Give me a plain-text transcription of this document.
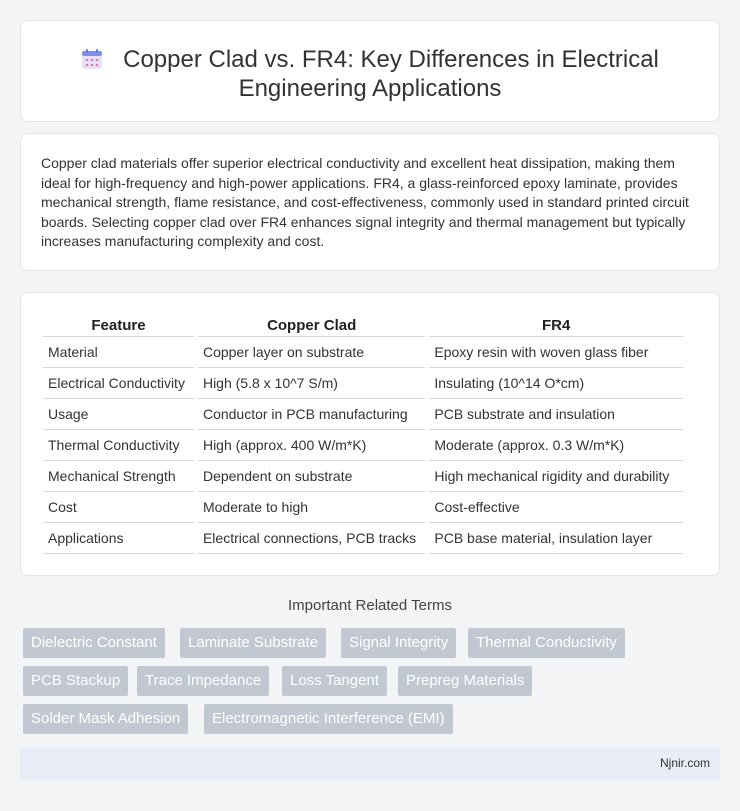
Copper Clad vs. FR4: Key Differences in Electrical
Engineering Applications

Copper clad materials offer superior electrical conductivity and excellent heat dissipation, making them ideal for high-frequency and high-power applications. FR4, a glass-reinforced epoxy laminate, provides mechanical strength, flame resistance, and cost-effectiveness, commonly used in standard printed circuit boards. Selecting copper clad over FR4 enhances signal integrity and thermal management but typically increases manufacturing complexity and cost.

Feature		Copper Clad		FR4
Material		Copper layer on substrate		Epoxy resin with woven glass fiber
Electrical Conductivity		High (5.8 x 10^7 S/m)		Insulating (10^14 O*cm)
Usage		Conductor in PCB manufacturing		PCB substrate and insulation
Thermal Conductivity		High (approx. 400 W/m*K)		Moderate (approx. 0.3 W/m*K)
Mechanical Strength		Dependent on substrate		High mechanical rigidity and durability
Cost		Moderate to high		Cost-effective
Applications		Electrical connections, PCB tracks		PCB base material, insulation layer
Important Related Terms
Dielectric Constant	Laminate Substrate	Signal Integrity	Thermal Conductivity
PCB Stackup	Trace Impedance	Loss Tangent	Prepreg Materials
Solder Mask Adhesion	Electromagnetic Interference (EMI)
Njnir.com
